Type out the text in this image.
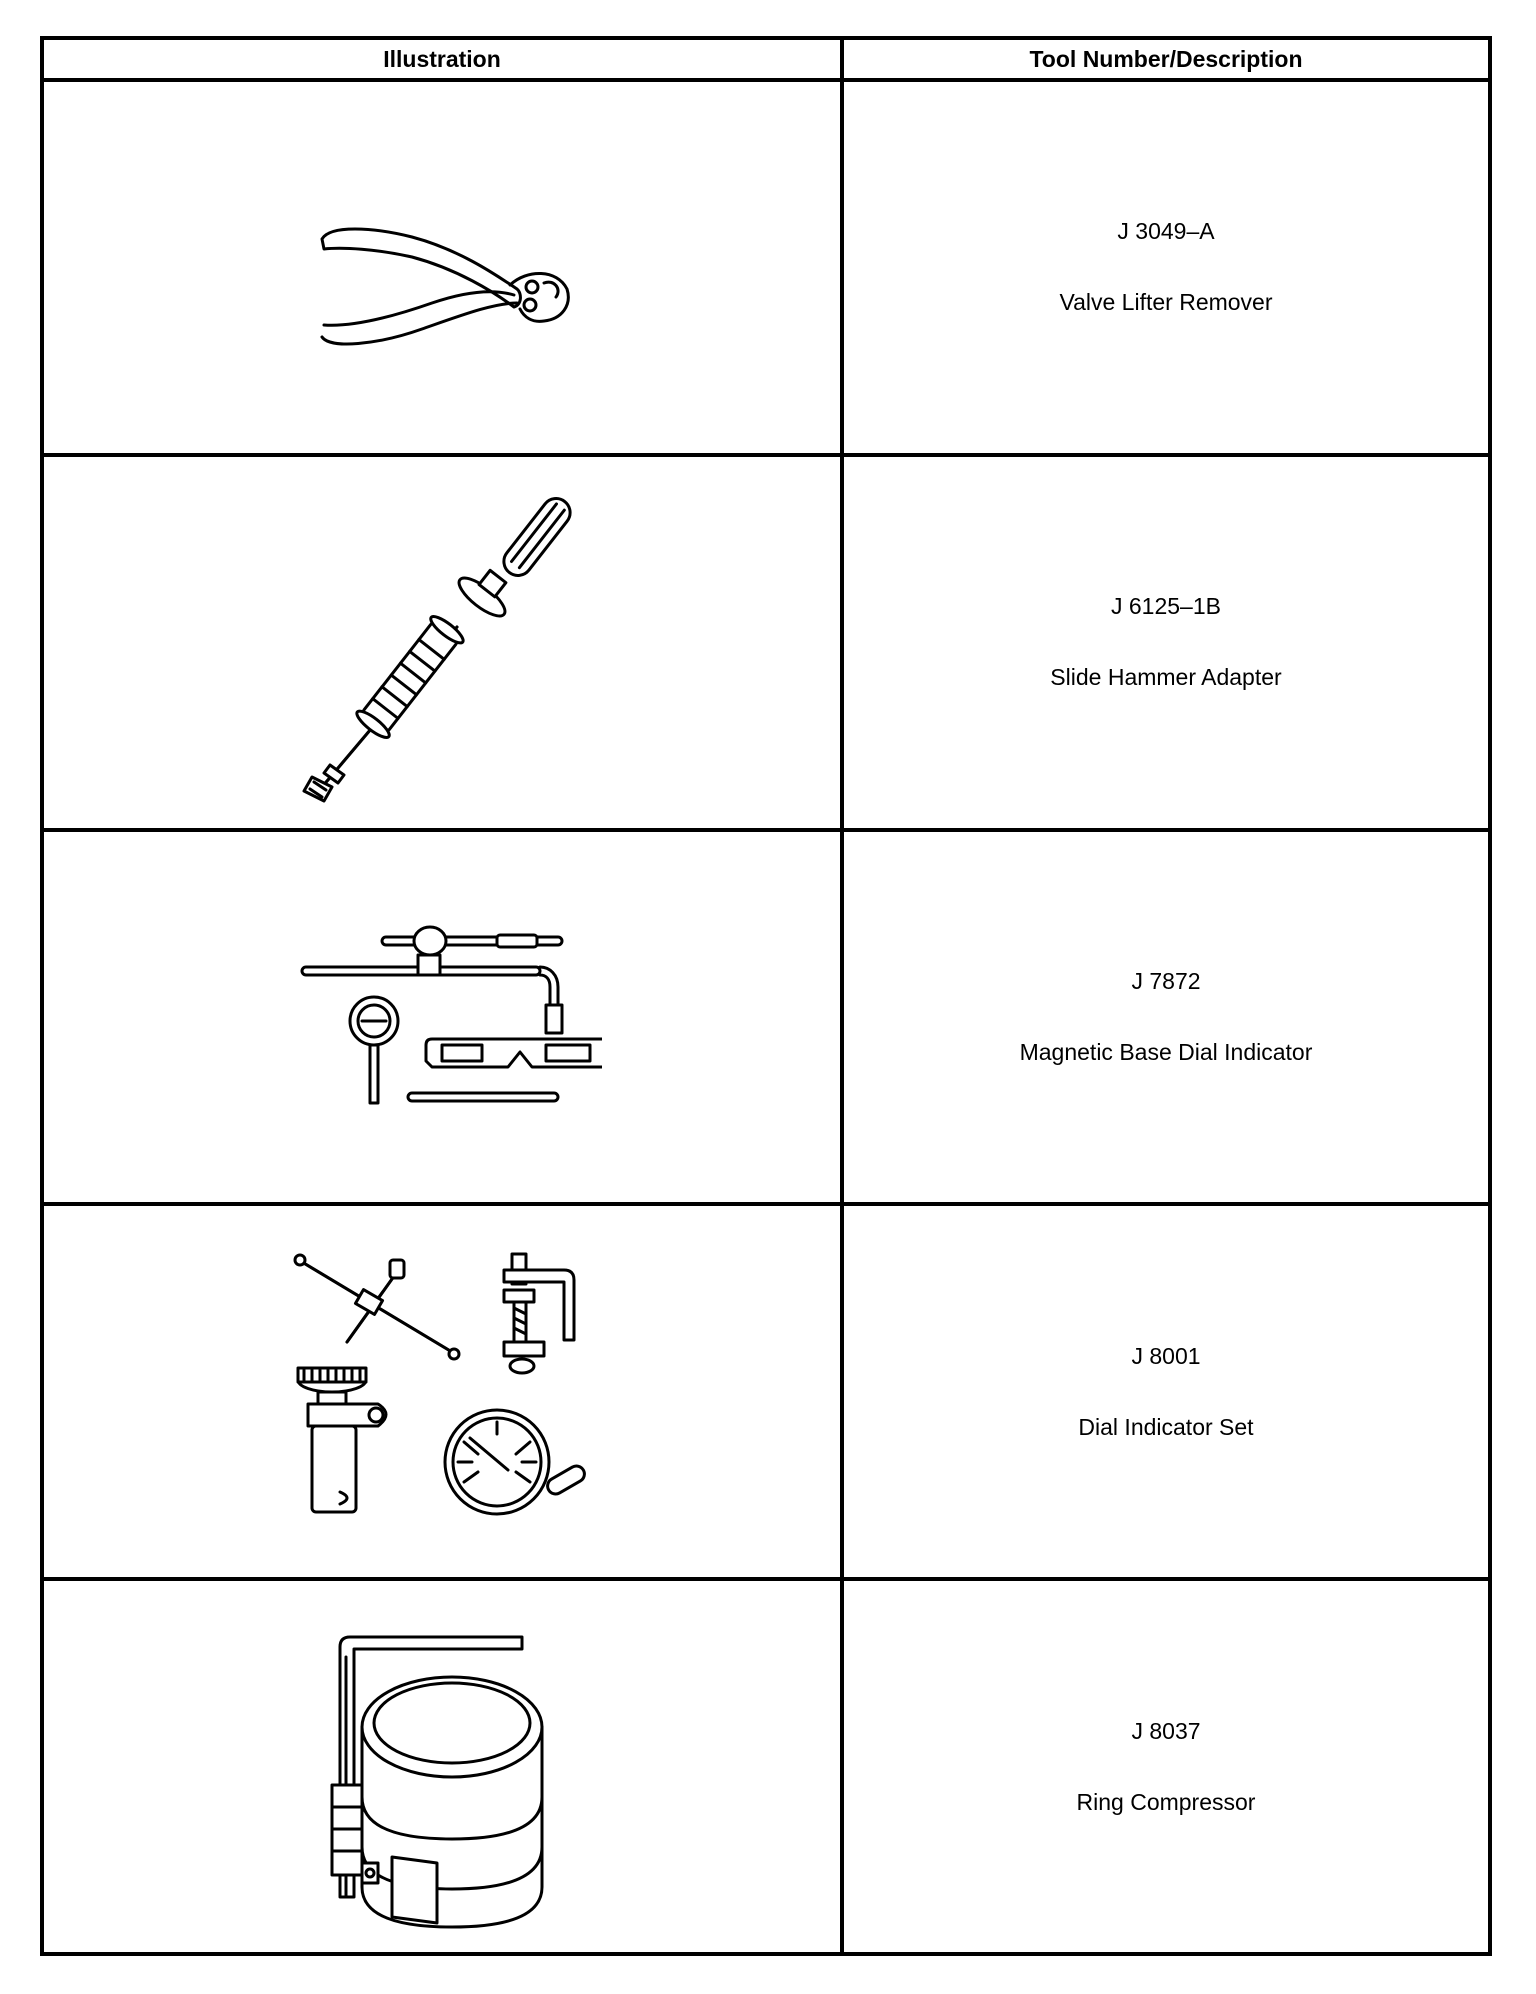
Illustration	Tool Number/Description

J 3049–A
Valve Lifter Remover

J 6125–1B
Slide Hammer Adapter

J 7872
Magnetic Base Dial Indicator

J 8001
Dial Indicator Set

J 8037
Ring Compressor
